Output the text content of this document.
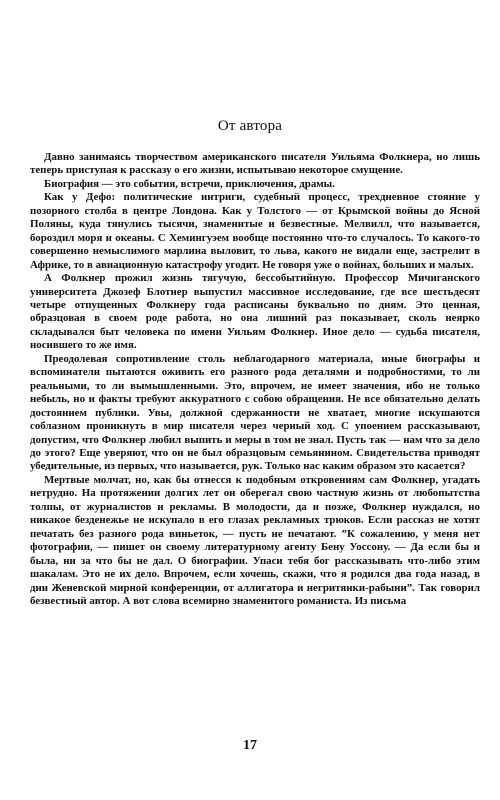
От автора

Давно занимаясь творчеством американского писателя Уильяма Фолкнера, но лишь теперь приступая к рассказу о его жизни, испытываю некоторое смущение.

Биография — это события, встречи, приключения, драмы.

Как у Дефо: политические интриги, судебный процесс, трехдневное стояние у позорного столба в центре Лондона. Как у Толстого — от Крымской войны до Ясной Поляны, куда тянулись тысячи, знаменитые и безвестные. Мелвилл, что называется, бороздил моря и океаны. С Хемингуэем вообще постоянно что-то случалось. То какого-то совершенно немыслимого марлина выловит, то льва, какого не видали еще, застрелит в Африке, то в авиационную катастрофу угодит. Не говоря уже о войнах, больших и малых.

А Фолкнер прожил жизнь тягучую, бессобытийную. Профессор Мичиганского университета Джозеф Блотнер выпустил массивное исследование, где все шестьдесят четыре отпущенных Фолкнеру года расписаны буквально по дням. Это ценная, образцовая в своем роде работа, но она лишний раз показывает, сколь неярко складывался быт человека по имени Уильям Фолкнер. Иное дело — судьба писателя, носившего то же имя.

Преодолевая сопротивление столь неблагодарного материала, иные биографы и вспоминатели пытаются оживить его разного рода деталями и подробностями, то ли реальными, то ли вымышленными. Это, впрочем, не имеет значения, ибо не только небыль, но и факты требуют аккуратного с собою обращения. Не все обязательно делать достоянием публики. Увы, должной сдержанности не хватает, многие искушаются соблазном проникнуть в мир писателя через черный ход. С упоением рассказывают, допустим, что Фолкнер любил выпить и меры в том не знал. Пусть так — нам что за дело до этого? Еще уверяют, что он не был образцовым семьянином. Свидетельства приводят убедительные, из первых, что называется, рук. Только нас каким образом это касается?

Мертвые молчат, но, как бы отнесся к подобным откровениям сам Фолкнер, угадать нетрудно. На протяжении долгих лет он оберегал свою частную жизнь от любопытства толпы, от журналистов и рекламы. В молодости, да и позже, Фолкнер нуждался, но никакое безденежье не искупало в его глазах рекламных трюков. Если рассказ не хотят печатать без разного рода виньеток, — пусть не печатают. ”К сожалению, у меня нет фотографии, — пишет он своему литературному агенту Бену Уоссону. — Да если бы и была, ни за что бы не дал. О биографии. Упаси тебя бог рассказывать что-либо этим шакалам. Это не их дело. Впрочем, если хочешь, скажи, что я родился два года назад, в дни Женевской мирной конференции, от аллигатора и негритянки-рабыни”. Так говорил безвестный автор. А вот слова всемирно знаменитого романиста. Из письма

17
